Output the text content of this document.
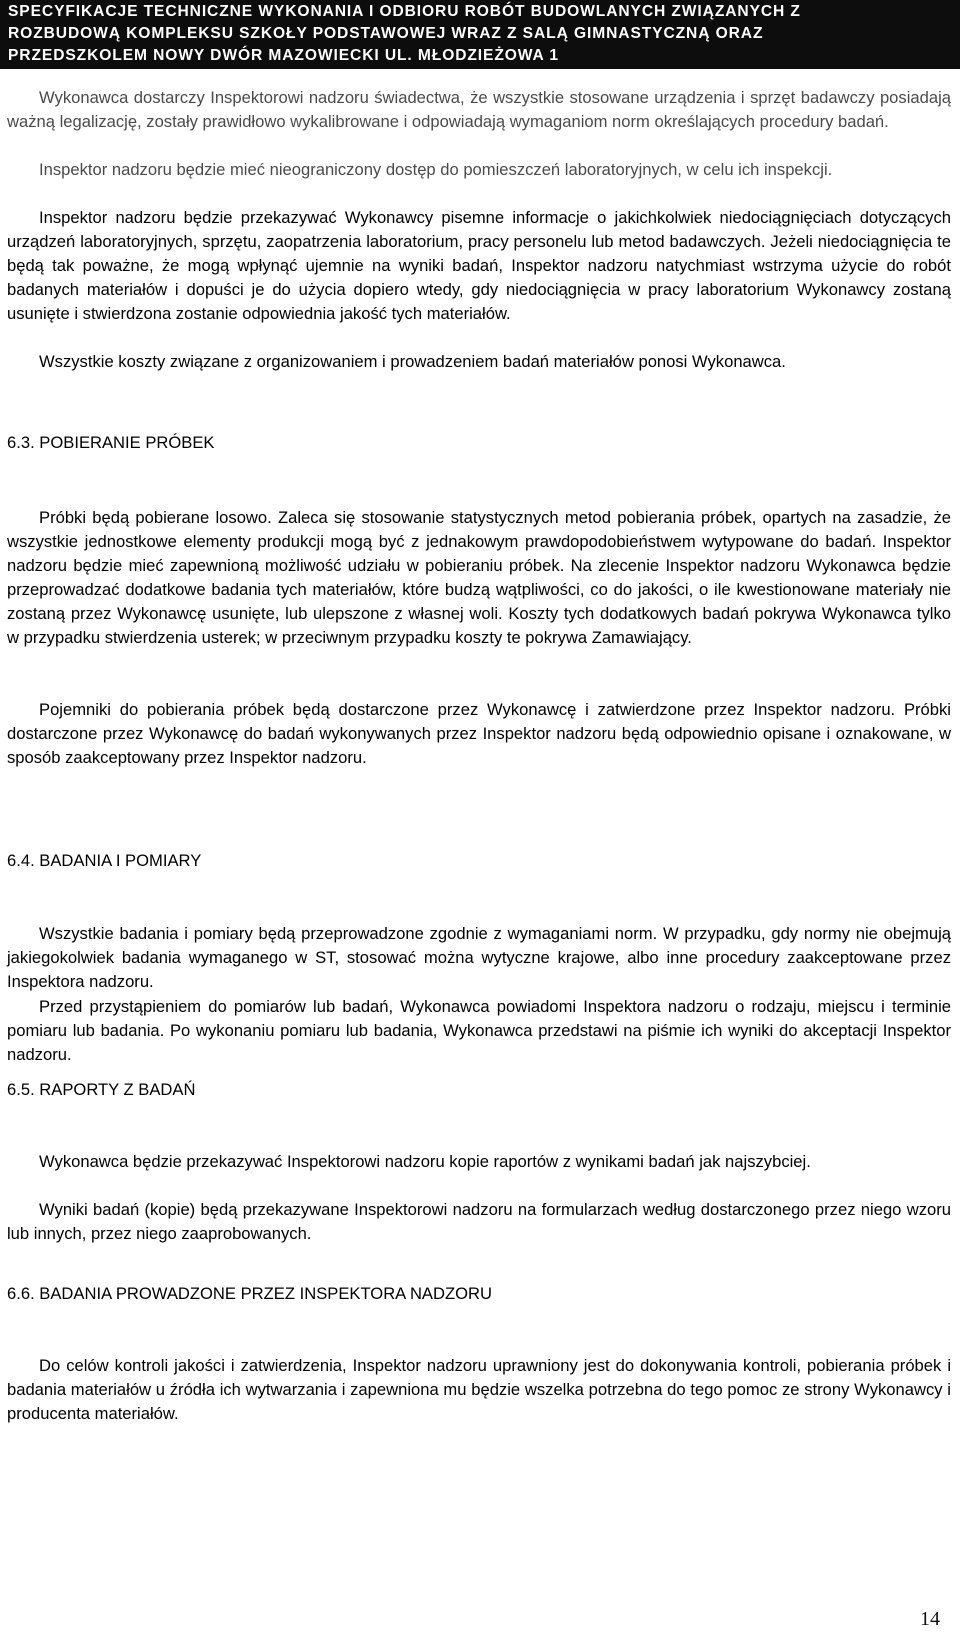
SPECYFIKACJE TECHNICZNE WYKONANIA I ODBIORU ROBÓT BUDOWLANYCH ZWIĄZANYCH Z
ROZBUDOWĄ KOMPLEKSU SZKOŁY PODSTAWOWEJ WRAZ Z SALĄ GIMNASTYCZNĄ ORAZ
PRZEDSZKOLEM NOWY DWÓR MAZOWIECKI UL. MŁODZIEŻOWA 1

Wykonawca dostarczy Inspektorowi nadzoru świadectwa, że wszystkie stosowane urządzenia i sprzęt badawczy posiadają ważną legalizację, zostały prawidłowo wykalibrowane i odpowiadają wymaganiom norm określających procedury badań.

Inspektor nadzoru będzie mieć nieograniczony dostęp do pomieszczeń laboratoryjnych, w celu ich inspekcji.

Inspektor nadzoru będzie przekazywać Wykonawcy pisemne informacje o jakichkolwiek niedociągnięciach dotyczących urządzeń laboratoryjnych, sprzętu, zaopatrzenia laboratorium, pracy personelu lub metod badawczych. Jeżeli niedociągnięcia te będą tak poważne, że mogą wpłynąć ujemnie na wyniki badań, Inspektor nadzoru natychmiast wstrzyma użycie do robót badanych materiałów i dopuści je do użycia dopiero wtedy, gdy niedociągnięcia w pracy laboratorium Wykonawcy zostaną usunięte i stwierdzona zostanie odpowiednia jakość tych materiałów.

Wszystkie koszty związane z organizowaniem i prowadzeniem badań materiałów ponosi Wykonawca.

6.3. POBIERANIE PRÓBEK

Próbki będą pobierane losowo. Zaleca się stosowanie statystycznych metod pobierania próbek, opartych na zasadzie, że wszystkie jednostkowe elementy produkcji mogą być z jednakowym prawdopodobieństwem wytypowane do badań. Inspektor nadzoru będzie mieć zapewnioną możliwość udziału w pobieraniu próbek. Na zlecenie Inspektor nadzoru Wykonawca będzie przeprowadzać dodatkowe badania tych materiałów, które budzą wątpliwości, co do jakości, o ile kwestionowane materiały nie zostaną przez Wykonawcę usunięte, lub ulepszone z własnej woli. Koszty tych dodatkowych badań pokrywa Wykonawca tylko w przypadku stwierdzenia usterek; w przeciwnym przypadku koszty te pokrywa Zamawiający.

Pojemniki do pobierania próbek będą dostarczone przez Wykonawcę i zatwierdzone przez Inspektor nadzoru. Próbki dostarczone przez Wykonawcę do badań wykonywanych przez Inspektor nadzoru będą odpowiednio opisane i oznakowane, w sposób zaakceptowany przez Inspektor nadzoru.

6.4. BADANIA I POMIARY

Wszystkie badania i pomiary będą przeprowadzone zgodnie z wymaganiami norm. W przypadku, gdy normy nie obejmują jakiegokolwiek badania wymaganego w ST, stosować można wytyczne krajowe, albo inne procedury zaakceptowane przez Inspektora nadzoru.

Przed przystąpieniem do pomiarów lub badań, Wykonawca powiadomi Inspektora nadzoru o rodzaju, miejscu i terminie pomiaru lub badania. Po wykonaniu pomiaru lub badania, Wykonawca przedstawi na piśmie ich wyniki do akceptacji Inspektor nadzoru.

6.5. RAPORTY Z BADAŃ

Wykonawca będzie przekazywać Inspektorowi nadzoru kopie raportów z wynikami badań jak najszybciej.

Wyniki badań (kopie) będą przekazywane Inspektorowi nadzoru na formularzach według dostarczonego przez niego wzoru lub innych, przez niego zaaprobowanych.

6.6. BADANIA PROWADZONE PRZEZ INSPEKTORA NADZORU

Do celów kontroli jakości i zatwierdzenia, Inspektor nadzoru uprawniony jest do dokonywania kontroli, pobierania próbek i badania materiałów u źródła ich wytwarzania i zapewniona mu będzie wszelka potrzebna do tego pomoc ze strony Wykonawcy i producenta materiałów.

14
